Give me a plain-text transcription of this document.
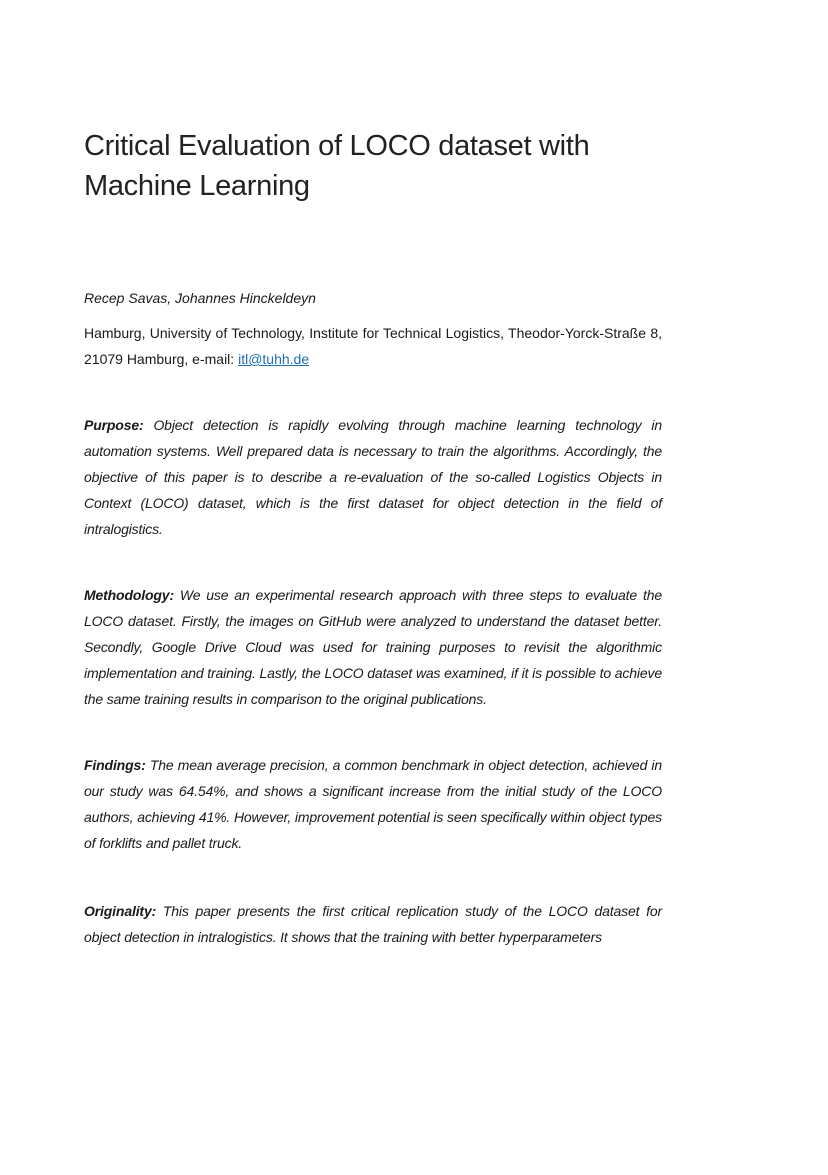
Critical Evaluation of LOCO dataset with Machine Learning

Recep Savas, Johannes Hinckeldeyn

Hamburg, University of Technology, Institute for Technical Logistics, Theodor-Yorck-Straße 8, 21079 Hamburg, e-mail: itl@tuhh.de

Purpose: Object detection is rapidly evolving through machine learning technology in automation systems. Well prepared data is necessary to train the algorithms. Accordingly, the objective of this paper is to describe a re-evaluation of the so-called Logistics Objects in Context (LOCO) dataset, which is the first dataset for object detection in the field of intralogistics.

Methodology: We use an experimental research approach with three steps to evaluate the LOCO dataset. Firstly, the images on GitHub were analyzed to understand the dataset better. Secondly, Google Drive Cloud was used for training purposes to revisit the algorithmic implementation and training. Lastly, the LOCO dataset was examined, if it is possible to achieve the same training results in comparison to the original publications.

Findings: The mean average precision, a common benchmark in object detection, achieved in our study was 64.54%, and shows a significant increase from the initial study of the LOCO authors, achieving 41%. However, improvement potential is seen specifically within object types of forklifts and pallet truck.

Originality: This paper presents the first critical replication study of the LOCO dataset for object detection in intralogistics. It shows that the training with better hyperparameters
